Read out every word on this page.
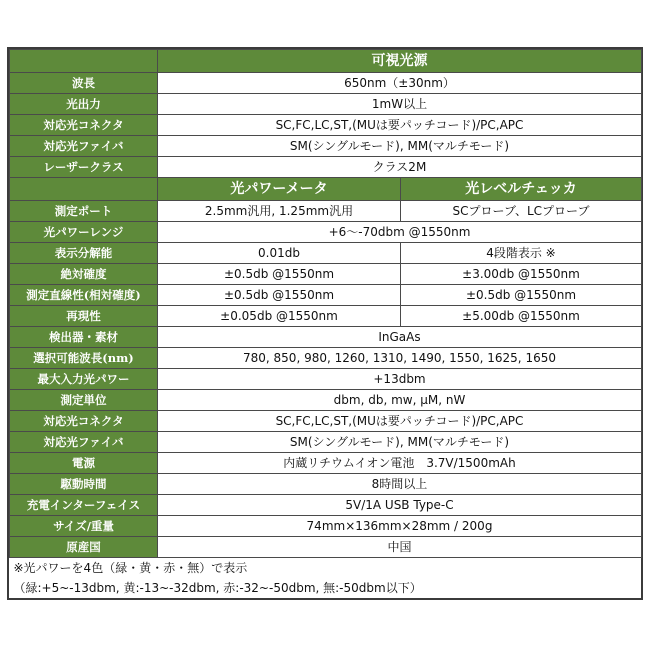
	可視光源	
波長	650nm（±30nm）	
光出力	1mW以上	
対応光コネクタ	SC,FC,LC,ST,(MUは要パッチコード)/PC,APC	
対応光ファイバ	SM(シングルモード), MM(マルチモード)	
レーザークラス	クラス2M	
	光パワーメータ	光レベルチェッカ
測定ポート	2.5mm汎用, 1.25mm汎用	SCプローブ、LCプローブ
光パワーレンジ	+6～-70dbm @1550nm	
表示分解能	0.01db	4段階表示 ※
絶対確度	±0.5db @1550nm	±3.00db @1550nm
測定直線性(相対確度)	±0.5db @1550nm	±0.5db @1550nm
再現性	±0.05db @1550nm	±5.00db @1550nm
検出器・素材	InGaAs	
選択可能波長(nm)	780, 850, 980, 1260, 1310, 1490, 1550, 1625, 1650	
最大入力光パワー	+13dbm	
測定単位	dbm, db, mw, μM, nW	
対応光コネクタ	SC,FC,LC,ST,(MUは要パッチコード)/PC,APC	
対応光ファイバ	SM(シングルモード), MM(マルチモード)	
電源	内蔵リチウムイオン電池　3.7V/1500mAh	
駆動時間	8時間以上	
充電インターフェイス	5V/1A USB Type-C	
サイズ/重量	74mm×136mm×28mm / 200g	
原産国	中国	
※光パワーを4色（緑・黄・赤・無）で表示		
（緑:+5~-13dbm, 黄:-13~-32dbm, 赤:-32~-50dbm, 無:-50dbm以下）		
